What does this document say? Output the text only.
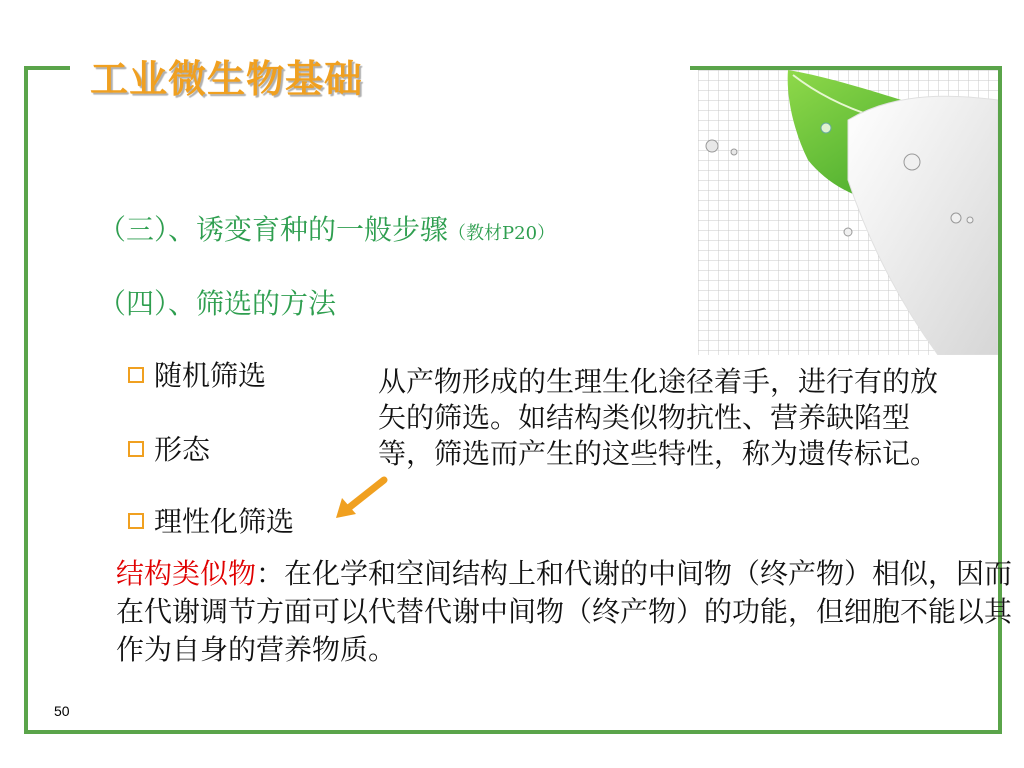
工业微生物基础
（三）、诱变育种的一般步骤（教材P20）
（四）、筛选的方法
随机筛选
形态
理性化筛选
从产物形成的生理生化途径着手，进行有的放矢的筛选。如结构类似物抗性、营养缺陷型等，筛选而产生的这些特性，称为遗传标记。
结构类似物：在化学和空间结构上和代谢的中间物（终产物）相似，因而在代谢调节方面可以代替代谢中间物（终产物）的功能，但细胞不能以其作为自身的营养物质。
50
